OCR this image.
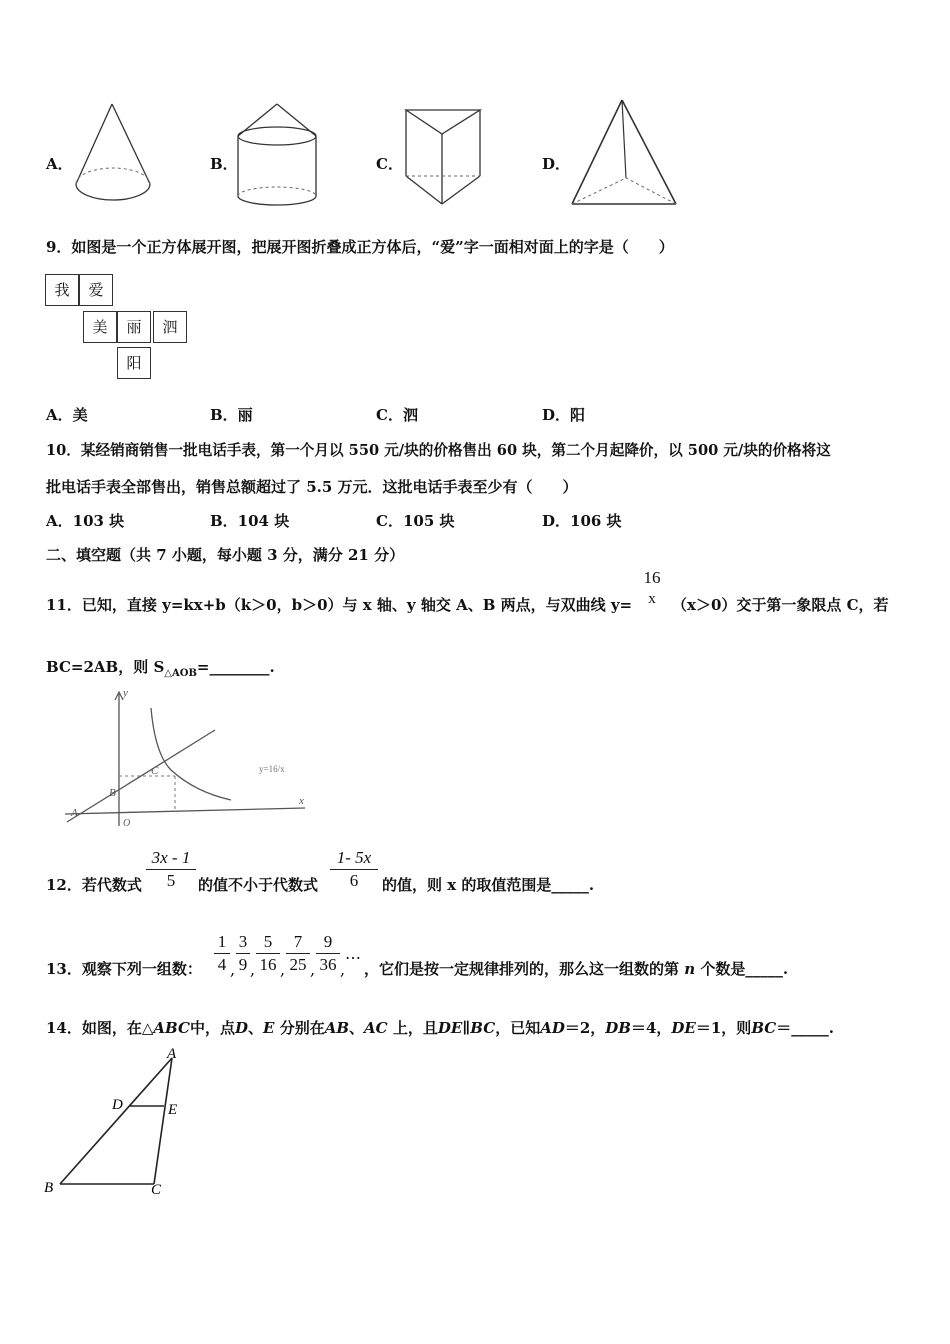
A．	B．	C．	D．
9．如图是一个正方体展开图，把展开图折叠成正方体后，“爱”字一面相对面上的字是（　　）
我	爱
美	丽	泗
阳
A．美	B．丽	C．泗	D．阳
10．某经销商销售一批电话手表，第一个月以 550 元/块的价格售出 60 块，第二个月起降价，以 500 元/块的价格将这
批电话手表全部售出，销售总额超过了 5.5 万元．这批电话手表至少有（　　）
A．103 块	B．104 块	C．105 块	D．106 块
二、填空题（共 7 小题，每小题 3 分，满分 21 分）
11．已知，直接 y=kx+b（k＞0，b＞0）与 x 轴、y 轴交 A、B 两点，与双曲线 y=
16
x	（x＞0）交于第一象限点 C，若
BC=2AB，则 $S_{\triangle AOB}=\_\_\_\_\_\_\_\_$.
y
x
A
B
C
O
y=16/x
12．若代数式
3x - 1
5	的值不小于代数式
1- 5x
6	的值，则 x 的取值范围是_____.
13．观察下列一组数：
1
4 ,
3
9 ,
5
16 ,
7
25 ,
9
36 ,
…
，它们是按一定规律排列的，那么这一组数的第 n 个数是_____.
14．如图，在△ABC中，点D、E 分别在AB、AC 上，且DE∥BC，已知AD＝2，DB＝4，DE＝1，则BC＝_____.
A
D	E
B	C
